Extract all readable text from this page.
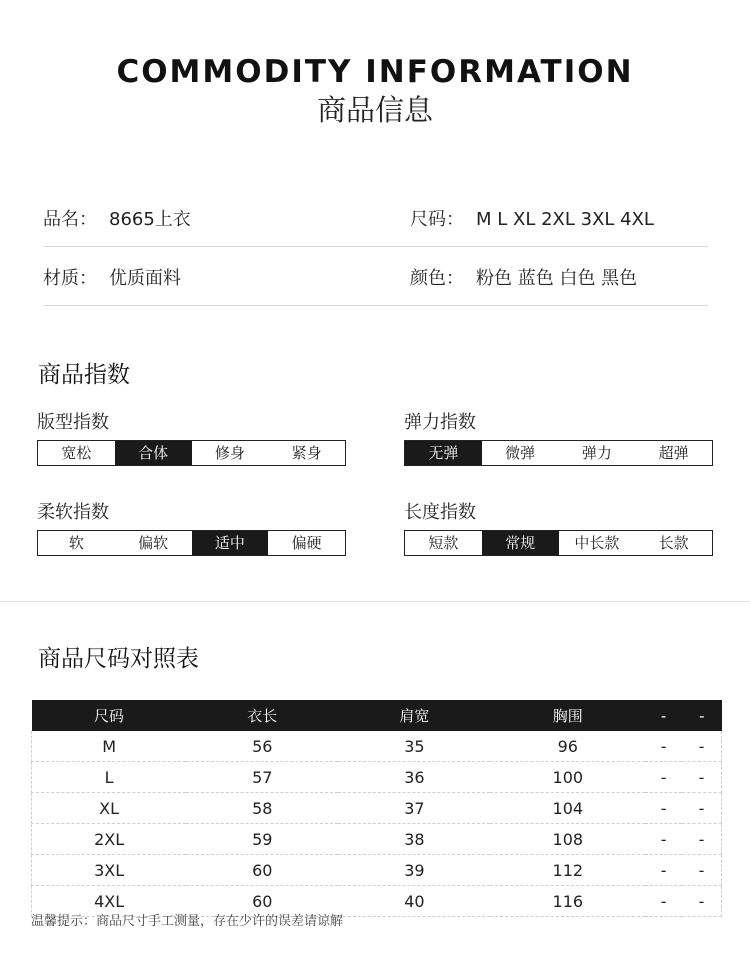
COMMODITY INFORMATION
商品信息
品名： 8665上衣	尺码： M L XL 2XL 3XL 4XL
材质： 优质面料	颜色： 粉色 蓝色 白色 黑色
商品指数
版型指数
宽松	合体	修身	紧身
弹力指数
无弹	微弹	弹力	超弹
柔软指数
软	偏软	适中	偏硬
长度指数
短款	常规	中长款	长款
商品尺码对照表
尺码	衣长	肩宽	胸围	-	-
M	56	35	96	-	-
L	57	36	100	-	-
XL	58	37	104	-	-
2XL	59	38	108	-	-
3XL	60	39	112	-	-
4XL	60	40	116	-	-
温馨提示：商品尺寸手工测量，存在少许的误差请谅解
